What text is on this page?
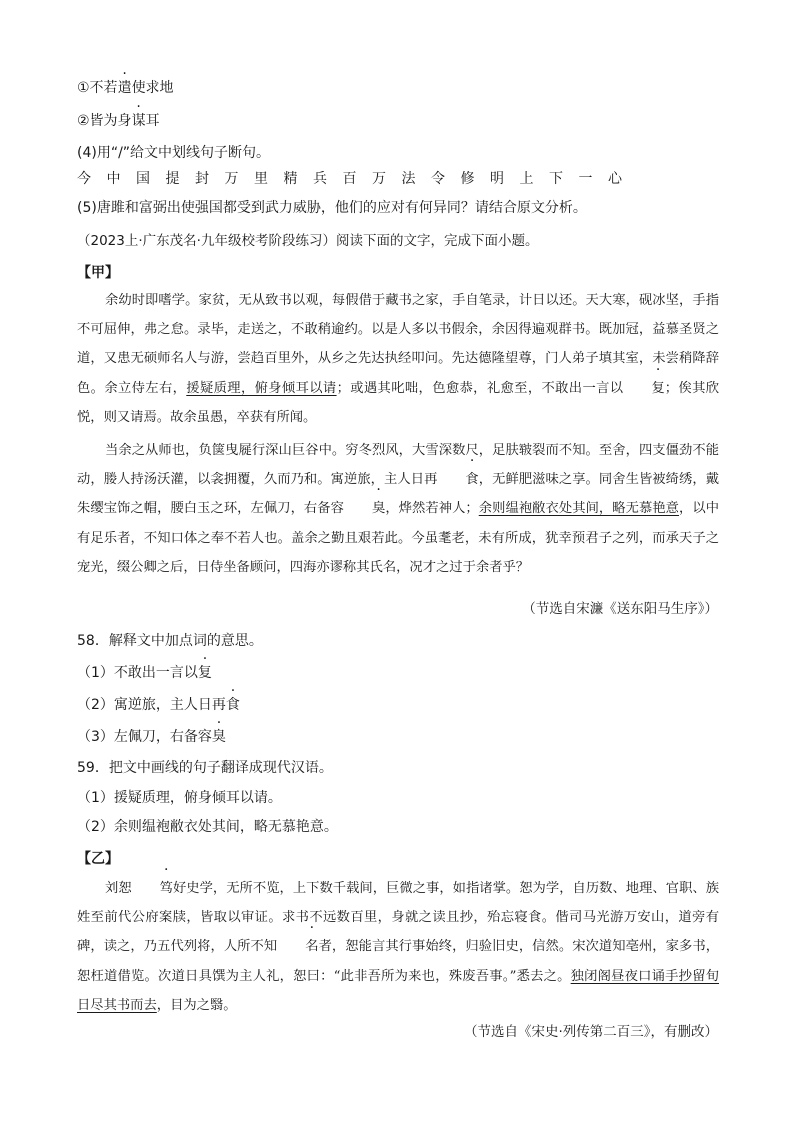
①不若遣使求地
②皆为身谋耳
(4)用“/”给文中划线句子断句。
今中国提封万里精兵百万法令修明上下一心
(5)唐雎和富弼出使强国都受到武力威胁，他们的应对有何异同？请结合原文分析。
（2023上·广东茂名·九年级校考阶段练习）阅读下面的文字，完成下面小题。
【甲】
余幼时即嗜学。家贫，无从致书以观，每假借于藏书之家，手自笔录，计日以还。天大寒，砚冰坚，手指不可屈伸，弗之怠。录毕，走送之，不敢稍逾约。以是人多以书假余，余因得遍观群书。既加冠，益慕圣贤之道，又患无硕师名人与游，尝趋百里外，从乡之先达执经叩问。先达德隆望尊，门人弟子填其室，未尝稍降辞色。余立侍左右，援疑质理，俯身倾耳以请；或遇其叱咄，色愈恭，礼愈至，不敢出一言以 复；俟其欣悦，则又请焉。故余虽愚，卒获有所闻。
当余之从师也，负箧曳屣行深山巨谷中。穷冬烈风，大雪深数尺，足肤皲裂而不知。至舍，四支僵劲不能动，媵人持汤沃灌，以衾拥覆，久而乃和。寓逆旅，主人日再 食，无鲜肥滋味之享。同舍生皆被绮绣，戴朱缨宝饰之帽，腰白玉之环，左佩刀，右备容 臭，烨然若神人；余则缊袍敝衣处其间，略无慕艳意，以中有足乐者，不知口体之奉不若人也。盖余之勤且艰若此。今虽耄老，未有所成，犹幸预君子之列，而承天子之宠光，缀公卿之后，日侍坐备顾问，四海亦谬称其氏名，况才之过于余者乎？
（节选自宋濂《送东阳马生序》）
58．解释文中加点词的意思。
（1）不敢出一言以复
（2）寓逆旅，主人日再食
（3）左佩刀，右备容臭
59．把文中画线的句子翻译成现代汉语。
（1）援疑质理，俯身倾耳以请。
（2）余则缊袍敝衣处其间，略无慕艳意。
【乙】
刘恕 笃好史学，无所不览，上下数千载间，巨微之事，如指诸掌。恕为学，自历数、地理、官职、族姓至前代公府案牍，皆取以审证。求书不远数百里，身就之读且抄，殆忘寝食。偕司马光游万安山，道旁有碑，读之，乃五代列将，人所不知 名者，恕能言其行事始终，归验旧史，信然。宋次道知亳州，家多书，恕枉道借览。次道日具馔为主人礼，恕曰：“此非吾所为来也，殊废吾事。”悉去之。独闭阁昼夜口诵手抄留旬日尽其书而去，目为之翳。
（节选自《宋史·列传第二百三》，有删改）
